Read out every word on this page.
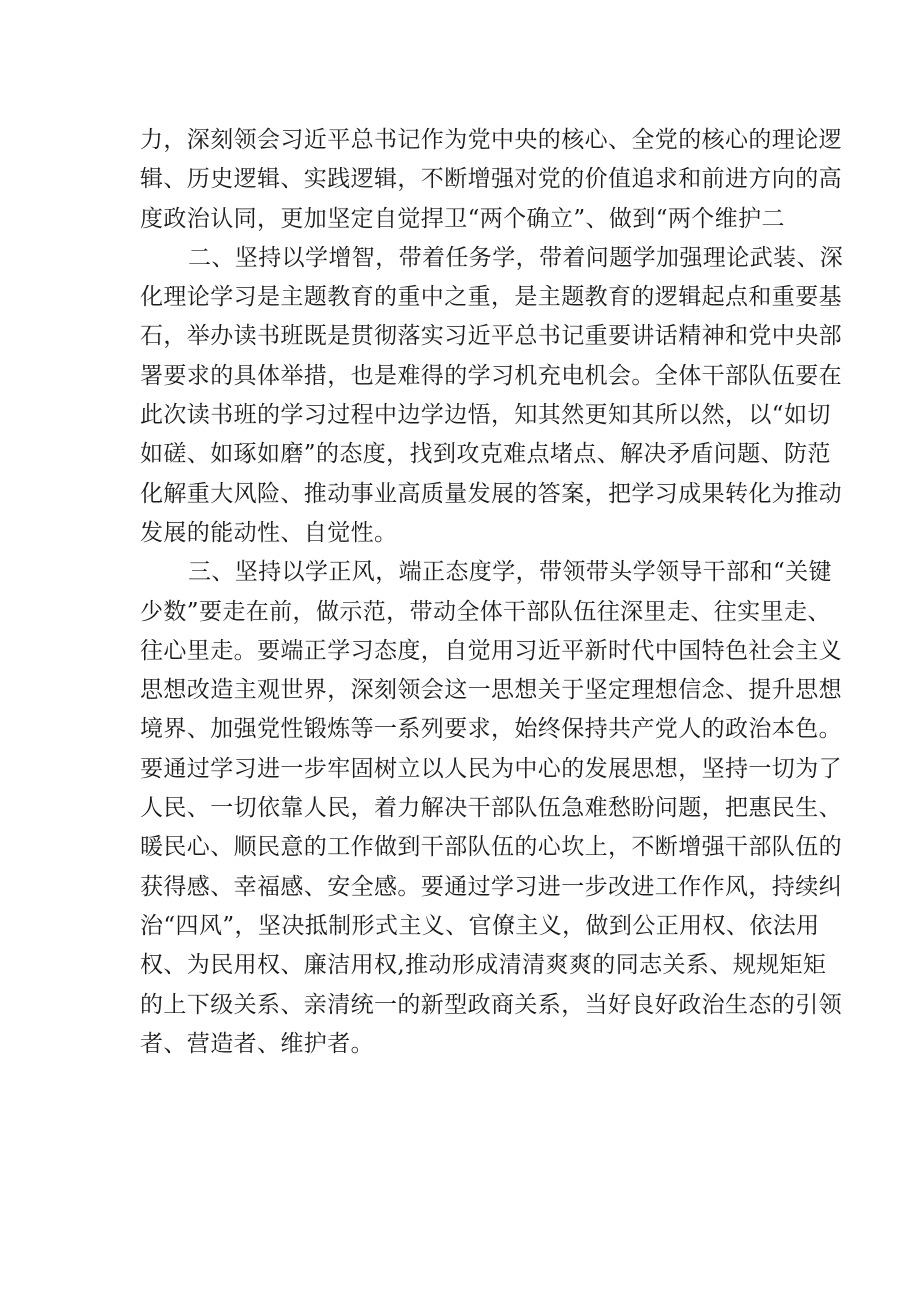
力，深刻领会习近平总书记作为党中央的核心、全党的核心的理论逻
辑、历史逻辑、实践逻辑，不断增强对党的价值追求和前进方向的高
度政治认同，更加坚定自觉捍卫“两个确立”、做到“两个维护二
二、坚持以学增智，带着任务学，带着问题学加强理论武装、深
化理论学习是主题教育的重中之重，是主题教育的逻辑起点和重要基
石，举办读书班既是贯彻落实习近平总书记重要讲话精神和党中央部
署要求的具体举措，也是难得的学习机充电机会。全体干部队伍要在
此次读书班的学习过程中边学边悟，知其然更知其所以然，以“如切
如磋、如琢如磨”的态度，找到攻克难点堵点、解决矛盾问题、防范
化解重大风险、推动事业高质量发展的答案，把学习成果转化为推动
发展的能动性、自觉性。
三、坚持以学正风，端正态度学，带领带头学领导干部和“关键
少数”要走在前，做示范，带动全体干部队伍往深里走、往实里走、
往心里走。要端正学习态度，自觉用习近平新时代中国特色社会主义
思想改造主观世界，深刻领会这一思想关于坚定理想信念、提升思想
境界、加强党性锻炼等一系列要求，始终保持共产党人的政治本色。
要通过学习进一步牢固树立以人民为中心的发展思想，坚持一切为了
人民、一切依靠人民，着力解决干部队伍急难愁盼问题，把惠民生、
暖民心、顺民意的工作做到干部队伍的心坎上，不断增强干部队伍的
获得感、幸福感、安全感。要通过学习进一步改进工作作风，持续纠
治“四风”，坚决抵制形式主义、官僚主义，做到公正用权、依法用
权、为民用权、廉洁用权,推动形成清清爽爽的同志关系、规规矩矩
的上下级关系、亲清统一的新型政商关系，当好良好政治生态的引领
者、营造者、维护者。
